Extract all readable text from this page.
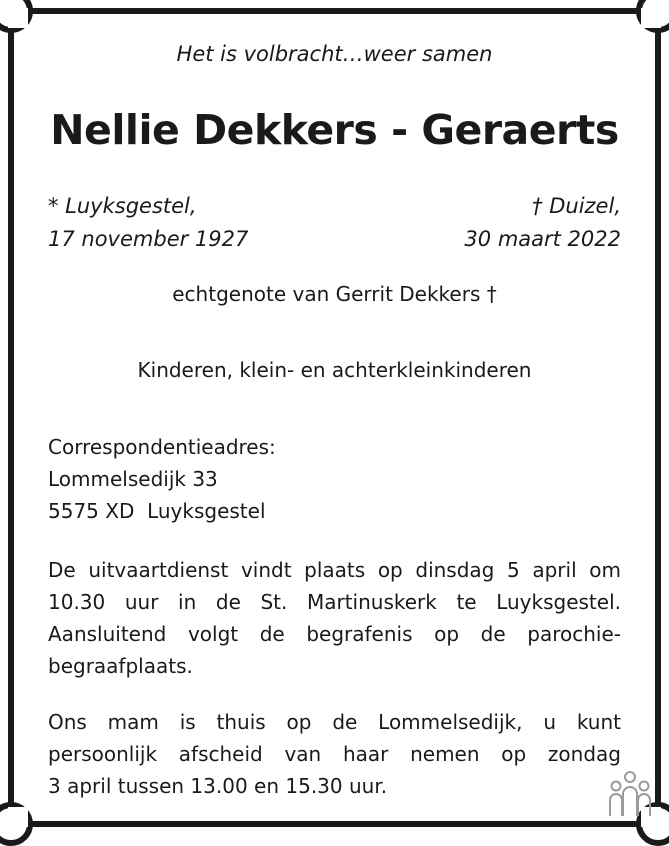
Het is volbracht…weer samen
Nellie Dekkers - Geraerts
* Luyksgestel,
17 november 1927
† Duizel,
30 maart 2022
echtgenote van Gerrit Dekkers †
Kinderen, klein- en achterkleinkinderen
Correspondentieadres:
Lommelsedijk 33
5575 XD  Luyksgestel
De uitvaartdienst vindt plaats op dinsdag 5 april om
10.30 uur in de St. Martinuskerk te Luyksgestel.
Aansluitend volgt de begrafenis op de parochie-
begraafplaats.
Ons mam is thuis op de Lommelsedijk, u kunt
persoonlijk afscheid van haar nemen op zondag
3 april tussen 13.00 en 15.30 uur.
